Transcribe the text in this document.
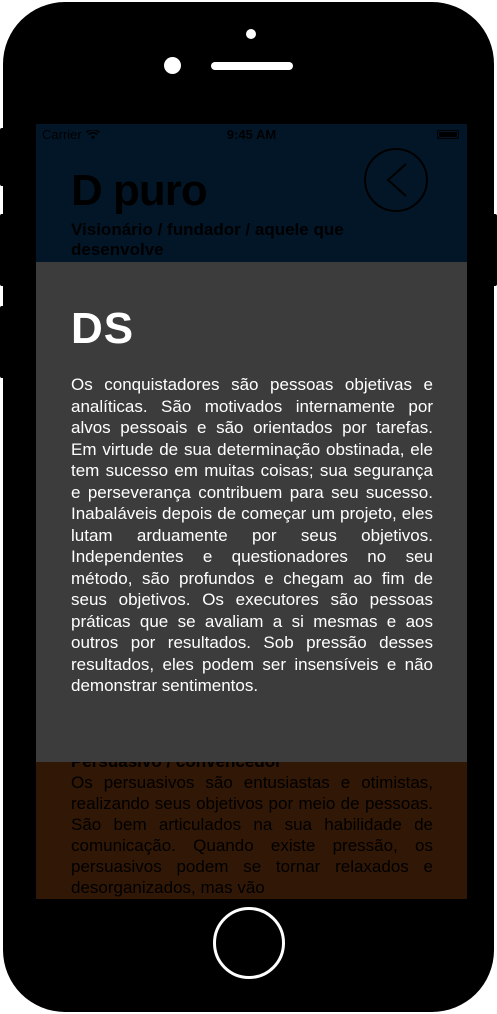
DS
Os conquistadores são pessoas objetivas e analíticas. São motivados internamente por alvos pessoais e são orientados por tarefas. Em virtude de sua determinação obstinada, ele tem sucesso em muitas coisas; sua segurança e perseverança contribuem para seu sucesso. Inabaláveis depois de começar um projeto, eles lutam arduamente por seus objetivos. Independentes e questionadores no seu método, são profundos e chegam ao fim de seus objetivos. Os executores são pessoas práticas que se avaliam a si mesmas e aos outros por resultados. Sob pressão desses resultados, eles podem ser insensíveis e não demonstrar sentimentos.
